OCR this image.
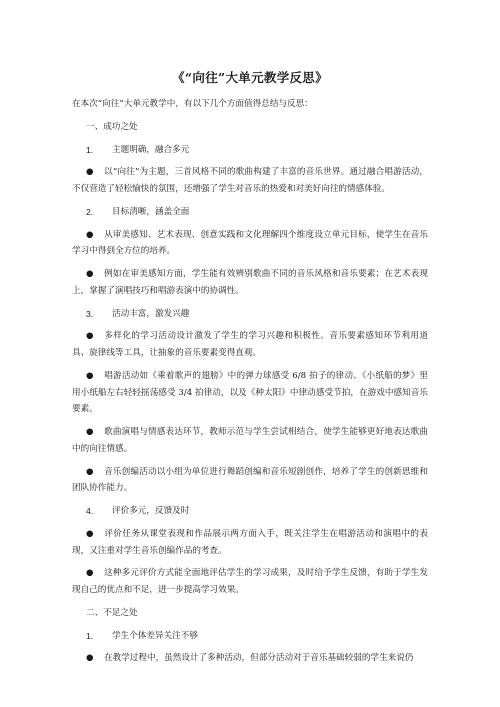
《“向往”大单元教学反思》

在本次“向往”大单元教学中，有以下几个方面值得总结与反思：

一、成功之处

1.	主题明确，融合多元

● 以“向往”为主题，三首风格不同的歌曲构建了丰富的音乐世界。通过融合唱游活动，不仅营造了轻松愉快的氛围，还增强了学生对音乐的热爱和对美好向往的情感体验。

2.	目标清晰，涵盖全面

● 从审美感知、艺术表现、创意实践和文化理解四个维度设立单元目标，使学生在音乐学习中得到全方位的培养。

● 例如在审美感知方面，学生能有效辨别歌曲不同的音乐风格和音乐要素；在艺术表现上，掌握了演唱技巧和唱游表演中的协调性。

3.	活动丰富，激发兴趣

● 多样化的学习活动设计激发了学生的学习兴趣和积极性。音乐要素感知环节利用道具、旋律线等工具，让抽象的音乐要素变得直观。

● 唱游活动如《乘着歌声的翅膀》中的弹力球感受 6/8 拍子的律动、《小纸船的梦》里用小纸船左右轻轻摇荡感受 3/4 拍律动，以及《种太阳》中律动感受节拍，在游戏中感知音乐要素。

● 歌曲演唱与情感表达环节，教师示范与学生尝试相结合，使学生能够更好地表达歌曲中的向往情感。

● 音乐创编活动以小组为单位进行舞蹈创编和音乐短剧创作，培养了学生的创新思维和团队协作能力。

4.	评价多元，反馈及时

● 评价任务从课堂表现和作品展示两方面入手，既关注学生在唱游活动和演唱中的表现，又注重对学生音乐创编作品的考查。

● 这种多元评价方式能全面地评估学生的学习成果，及时给予学生反馈，有助于学生发现自己的优点和不足，进一步提高学习效果。

二、不足之处

1.	学生个体差异关注不够

● 在教学过程中，虽然设计了多种活动，但部分活动对于音乐基础较弱的学生来说仍
